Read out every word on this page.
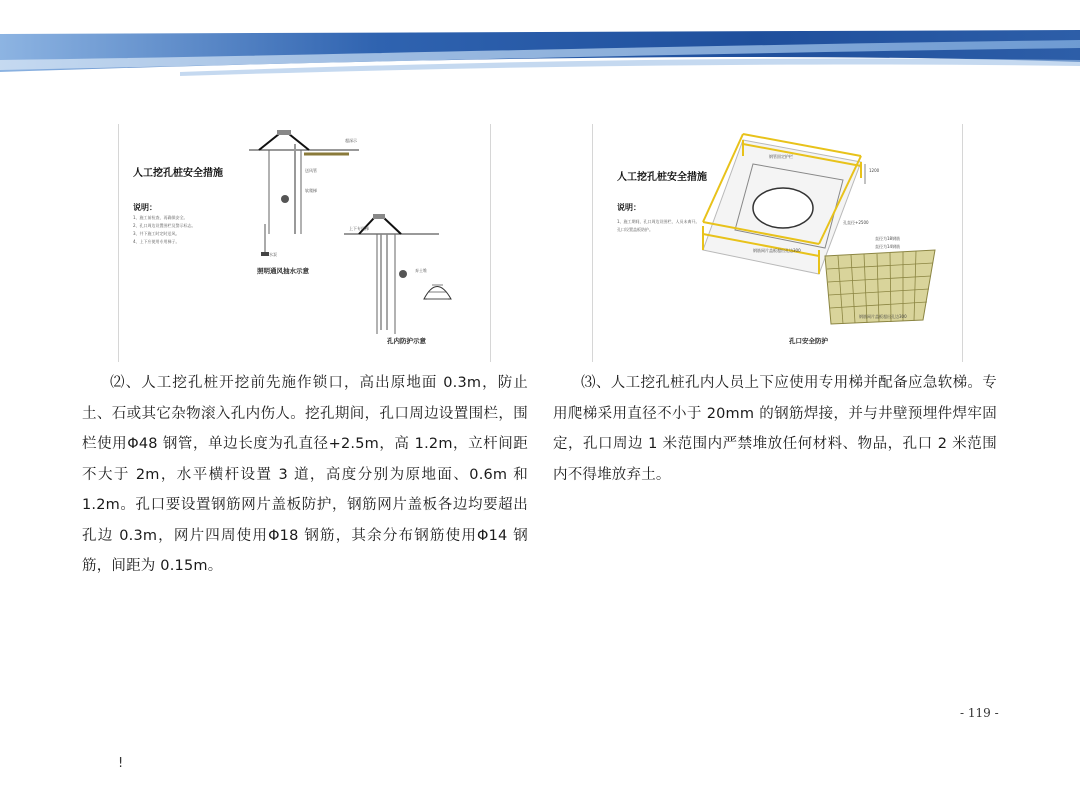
人工挖孔桩安全措施
说明：
1、施工前检查，再确保安全。
2、孔口周边设置围栏及警示标志。
3、井下施工时定时送风。
4、上下应使用专用梯子。
照明通风抽水示意
孔内防护示意
超深示
软爬梯
送风管
水泵
上下专用梯
弃土堆
人工挖孔桩安全措施
说明：
1、施工期间，孔口周边设围栏，人员未离开。
孔口设置盖板防护。
孔口安全防护
钢管固定护栏
1200
钢筋网片盖板超出孔边300
钢筋网片盖板超出孔边300
孔直径+2500
直径为18钢筋
直径为14钢筋
⑵、人工挖孔桩开挖前先施作锁口，高出原地面 0.3m，防止土、石或其它杂物滚入孔内伤人。挖孔期间，孔口周边设置围栏，围栏使用Φ48 钢管，单边长度为孔直径+2.5m，高 1.2m，立杆间距不大于 2m，水平横杆设置 3 道，高度分别为原地面、0.6m 和 1.2m。孔口要设置钢筋网片盖板防护，钢筋网片盖板各边均要超出孔边 0.3m，网片四周使用Φ18 钢筋，其余分布钢筋使用Φ14 钢筋，间距为 0.15m。
⑶、人工挖孔桩孔内人员上下应使用专用梯并配备应急软梯。专用爬梯采用直径不小于 20mm 的钢筋焊接，并与井壁预埋件焊牢固定，孔口周边 1 米范围内严禁堆放任何材料、物品，孔口 2 米范围内不得堆放弃土。
- 119 -
!
